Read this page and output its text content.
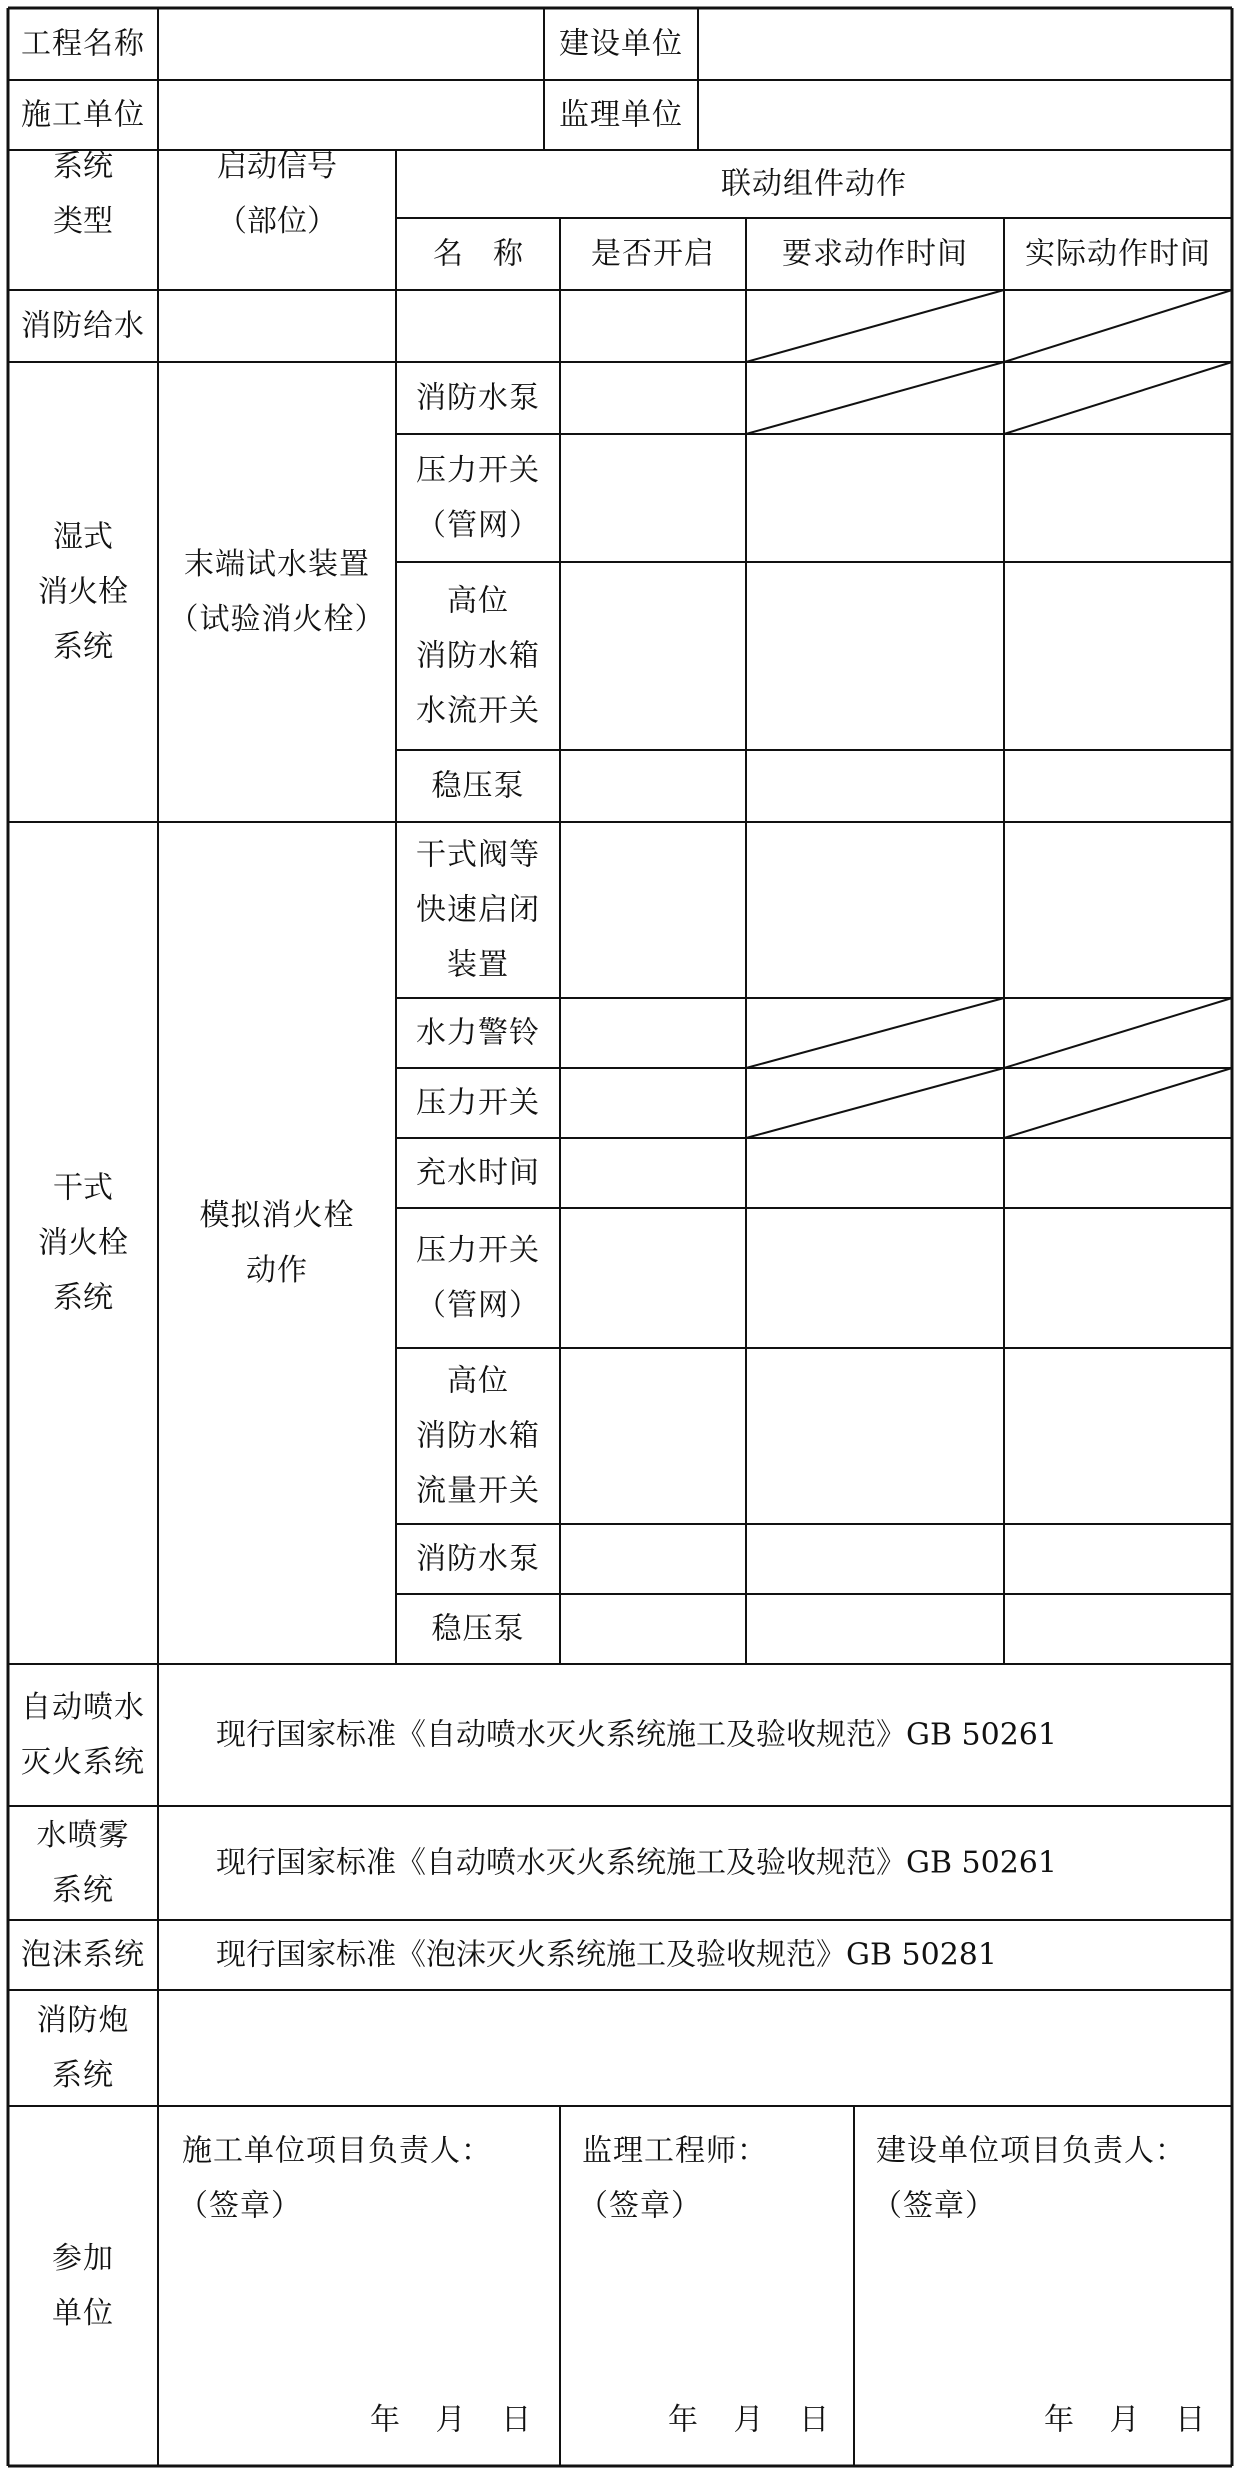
工程名称	建设单位
施工单位	监理单位
系统
类型
启动信号
（部位）
联动组件动作
名　称 是否开启 要求动作时间 实际动作时间
消防给水
湿式
消火栓
系统
末端试水装置
（试验消火栓）
消防水泵
压力开关
（管网）
高位
消防水箱
水流开关
稳压泵
干式
消火栓
系统
模拟消火栓
动作
干式阀等
快速启闭
装置
水力警铃
压力开关
充水时间
压力开关
（管网）
高位
消防水箱
流量开关
消防水泵
稳压泵
自动喷水
灭火系统
现行国家标准《自动喷水灭火系统施工及验收规范》GB 50261
水喷雾
系统
现行国家标准《自动喷水灭火系统施工及验收规范》GB 50261
泡沫系统 现行国家标准《泡沫灭火系统施工及验收规范》GB 50281
消防炮
系统
参加
单位
施工单位项目负责人：
（签章）
年 月 日
监理工程师：
（签章）
年 月 日
建设单位项目负责人：
（签章）
年 月 日
